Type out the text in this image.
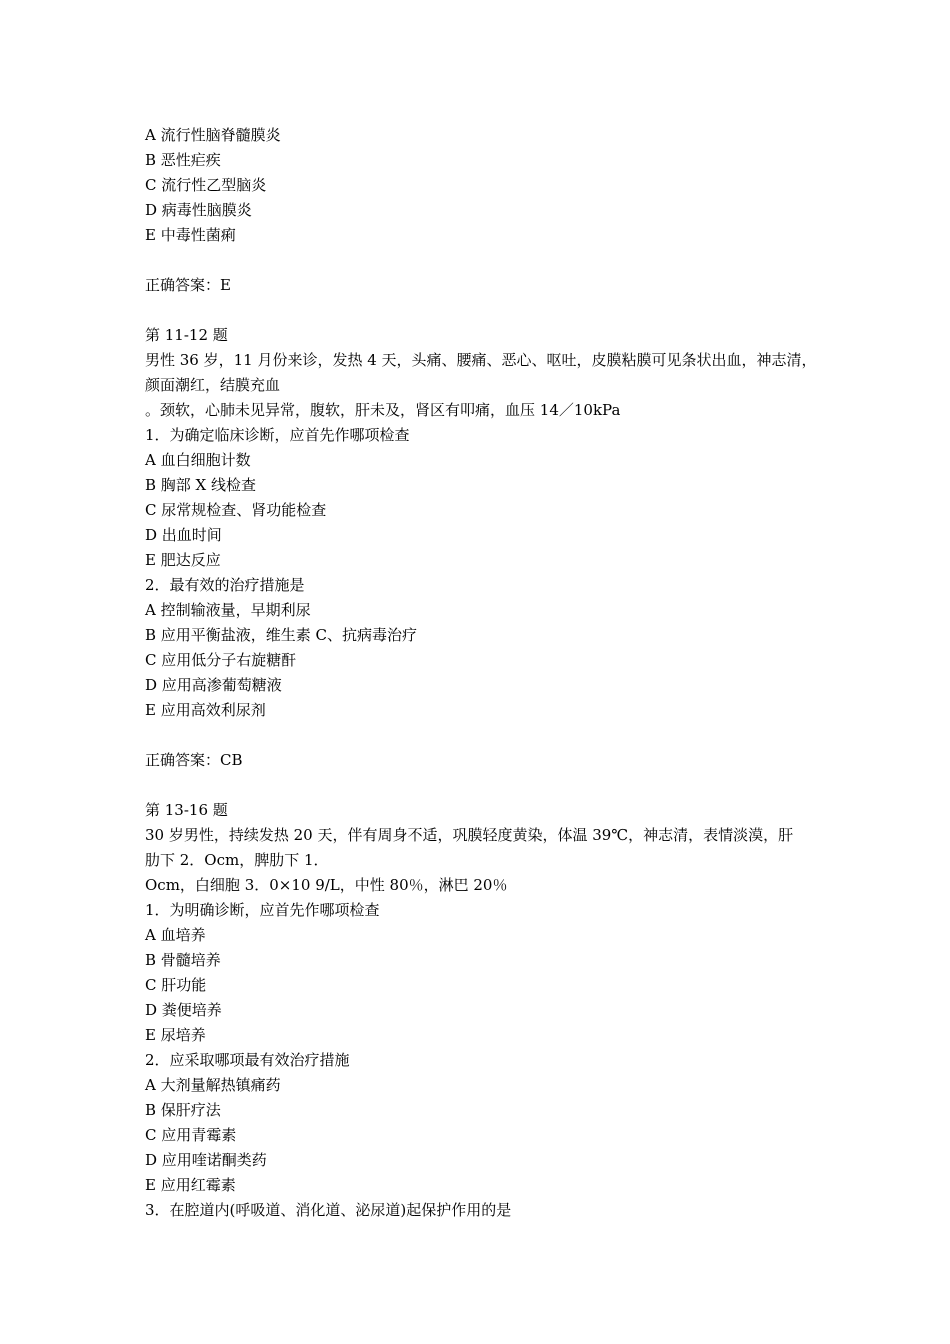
A 流行性脑脊髓膜炎
B 恶性疟疾
C 流行性乙型脑炎
D 病毒性脑膜炎
E 中毒性菌痢
正确答案：E
第 11-12 题
男性 36 岁，11 月份来诊，发热 4 天，头痛、腰痛、恶心、呕吐，皮膜粘膜可见条状出血，神志清，
颜面潮红，结膜充血
。颈软，心肺未见异常，腹软，肝未及，肾区有叩痛，血压 14／10kPa
1．为确定临床诊断，应首先作哪项检查
A 血白细胞计数
B 胸部 X 线检查
C 尿常规检查、肾功能检查
D 出血时间
E 肥达反应
2．最有效的治疗措施是
A 控制输液量，早期利尿
B 应用平衡盐液，维生素 C、抗病毒治疗
C 应用低分子右旋糖酐
D 应用高渗葡萄糖液
E 应用高效利尿剂
正确答案：CB
第 13-16 题
30 岁男性，持续发热 20 天，伴有周身不适，巩膜轻度黄染，体温 39℃，神志清，表情淡漠，肝
肋下 2．Ocm，脾肋下 1．
Ocm，白细胞 3．0×10 9/L，中性 80％，淋巴 20％
1．为明确诊断，应首先作哪项检查
A 血培养
B 骨髓培养
C 肝功能
D 粪便培养
E 尿培养
2．应采取哪项最有效治疗措施
A 大剂量解热镇痛药
B 保肝疗法
C 应用青霉素
D 应用喹诺酮类药
E 应用红霉素
3．在腔道内(呼吸道、消化道、泌尿道)起保护作用的是
